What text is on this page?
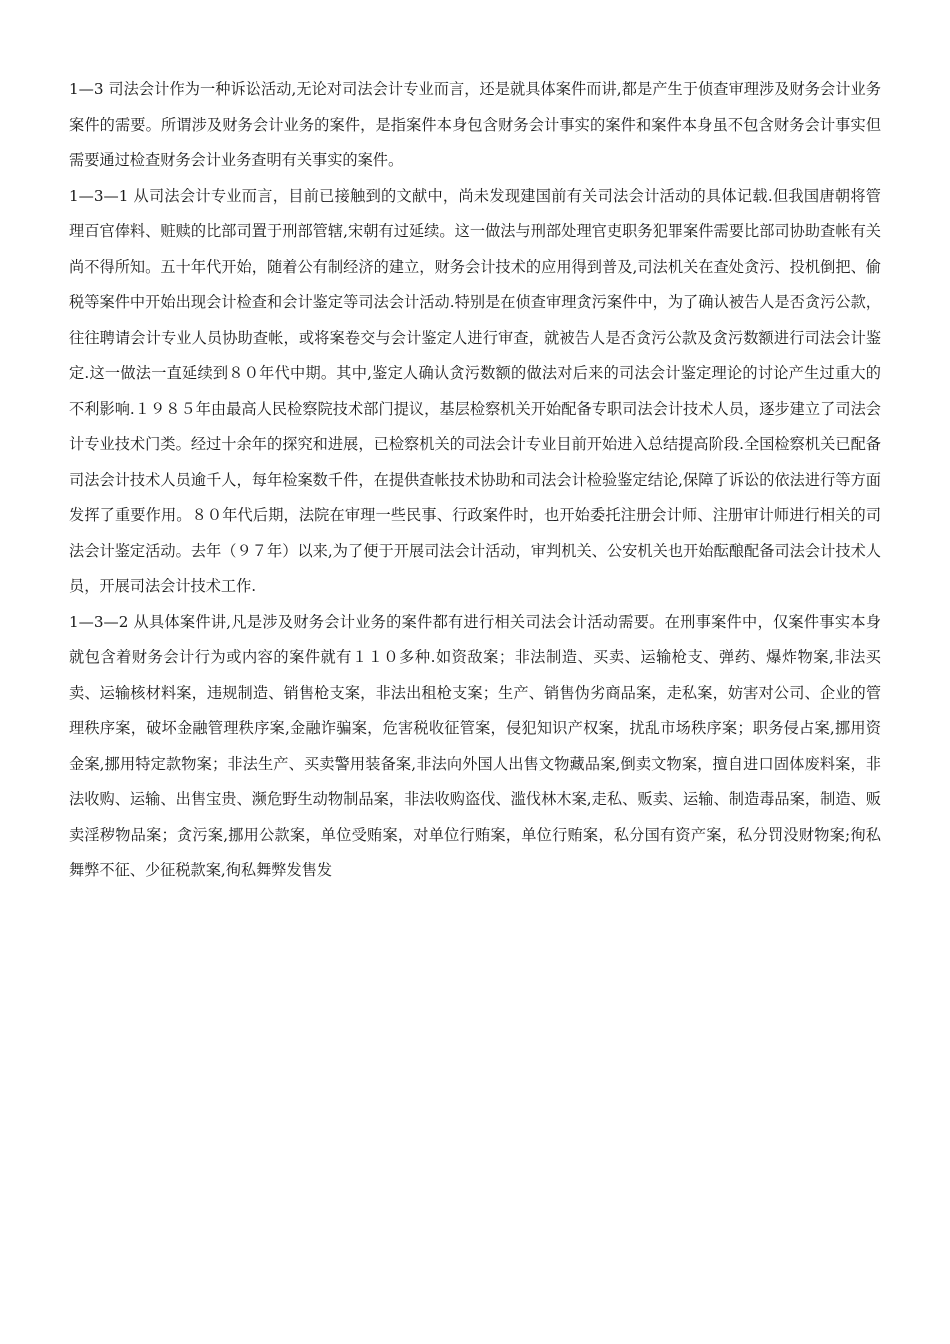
1—3 司法会计作为一种诉讼活动,无论对司法会计专业而言，还是就具体案件而讲,都是产生于侦查审理涉及财务会计业务案件的需要。所谓涉及财务会计业务的案件，是指案件本身包含财务会计事实的案件和案件本身虽不包含财务会计事实但需要通过检查财务会计业务查明有关事实的案件。

1—3—1 从司法会计专业而言，目前已接触到的文献中，尚未发现建国前有关司法会计活动的具体记载.但我国唐朝将管理百官俸料、赃赎的比部司置于刑部管辖,宋朝有过延续。这一做法与刑部处理官吏职务犯罪案件需要比部司协助查帐有关尚不得所知。五十年代开始，随着公有制经济的建立，财务会计技术的应用得到普及,司法机关在查处贪污、投机倒把、偷税等案件中开始出现会计检查和会计鉴定等司法会计活动.特别是在侦查审理贪污案件中，为了确认被告人是否贪污公款，往往聘请会计专业人员协助查帐，或将案卷交与会计鉴定人进行审查，就被告人是否贪污公款及贪污数额进行司法会计鉴定.这一做法一直延续到８０年代中期。其中,鉴定人确认贪污数额的做法对后来的司法会计鉴定理论的讨论产生过重大的不利影响.１９８５年由最高人民检察院技术部门提议，基层检察机关开始配备专职司法会计技术人员，逐步建立了司法会计专业技术门类。经过十余年的探究和进展，已检察机关的司法会计专业目前开始进入总结提高阶段.全国检察机关已配备司法会计技术人员逾千人，每年检案数千件，在提供查帐技术协助和司法会计检验鉴定结论,保障了诉讼的依法进行等方面发挥了重要作用。８０年代后期，法院在审理一些民事、行政案件时，也开始委托注册会计师、注册审计师进行相关的司法会计鉴定活动。去年（９７年）以来,为了便于开展司法会计活动，审判机关、公安机关也开始酝酿配备司法会计技术人员，开展司法会计技术工作.

1—3—2 从具体案件讲,凡是涉及财务会计业务的案件都有进行相关司法会计活动需要。在刑事案件中，仅案件事实本身就包含着财务会计行为或内容的案件就有１１０多种.如资敌案；非法制造、买卖、运输枪支、弹药、爆炸物案,非法买卖、运输核材料案，违规制造、销售枪支案，非法出租枪支案；生产、销售伪劣商品案，走私案，妨害对公司、企业的管理秩序案，破坏金融管理秩序案,金融诈骗案，危害税收征管案，侵犯知识产权案，扰乱市场秩序案；职务侵占案,挪用资金案,挪用特定款物案；非法生产、买卖警用装备案,非法向外国人出售文物藏品案,倒卖文物案，擅自进口固体废料案，非法收购、运输、出售宝贵、濒危野生动物制品案，非法收购盗伐、滥伐林木案,走私、贩卖、运输、制造毒品案，制造、贩卖淫秽物品案；贪污案,挪用公款案，单位受贿案，对单位行贿案，单位行贿案，私分国有资产案，私分罚没财物案;徇私舞弊不征、少征税款案,徇私舞弊发售发
